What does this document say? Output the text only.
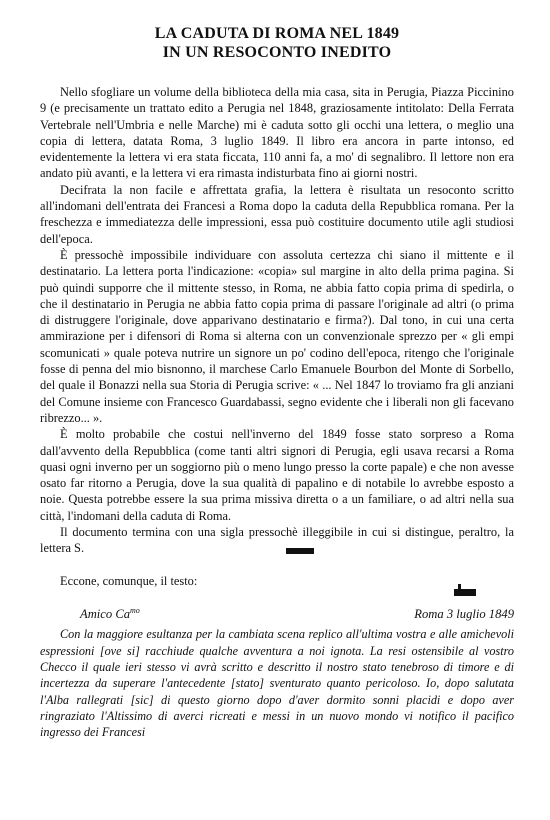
LA CADUTA DI ROMA NEL 1849
IN UN RESOCONTO INEDITO

Nello sfogliare un volume della biblioteca della mia casa, sita in Perugia, Piazza Piccinino 9 (e precisamente un trattato edito a Perugia nel 1848, graziosamente intitolato: Della Ferrata Vertebrale nell'Umbria e nelle Marche) mi è caduta sotto gli occhi una lettera, o meglio una copia di lettera, datata Roma, 3 luglio 1849. Il libro era ancora in parte intonso, ed evidentemente la lettera vi era stata ficcata, 110 anni fa, a mo' di segnalibro. Il lettore non era andato più avanti, e la lettera vi era rimasta indisturbata fino ai giorni nostri.

Decifrata la non facile e affrettata grafia, la lettera è risultata un resoconto scritto all'indomani dell'entrata dei Francesi a Roma dopo la caduta della Repubblica romana. Per la freschezza e immediatezza delle impressioni, essa può costituire documento utile agli studiosi dell'epoca.

È pressochè impossibile individuare con assoluta certezza chi siano il mittente e il destinatario. La lettera porta l'indicazione: «copia» sul margine in alto della prima pagina. Si può quindi supporre che il mittente stesso, in Roma, ne abbia fatto copia prima di spedirla, o che il destinatario in Perugia ne abbia fatto copia prima di passare l'originale ad altri (o prima di distruggere l'originale, dove apparivano destinatario e firma?). Dal tono, in cui una certa ammirazione per i difensori di Roma si alterna con un convenzionale sprezzo per « gli empi scomunicati » quale poteva nutrire un signore un po' codino dell'epoca, ritengo che l'originale fosse di penna del mio bisnonno, il marchese Carlo Emanuele Bourbon del Monte di Sorbello, del quale il Bonazzi nella sua Storia di Perugia scrive: « ... Nel 1847 lo troviamo fra gli anziani del Comune insieme con Francesco Guardabassi, segno evidente che i liberali non gli facevano ribrezzo... ».

È molto probabile che costui nell'inverno del 1849 fosse stato sorpreso a Roma dall'avvento della Repubblica (come tanti altri signori di Perugia, egli usava recarsi a Roma quasi ogni inverno per un soggiorno più o meno lungo presso la corte papale) e che non avesse osato far ritorno a Perugia, dove la sua qualità di papalino e di notabile lo avrebbe esposto a noie. Questa potrebbe essere la sua prima missiva diretta o a un familiare, o ad altri nella sua città, l'indomani della caduta di Roma.

Il documento termina con una sigla pressochè illeggibile in cui si distingue, peraltro, la lettera S.

Eccone, comunque, il testo:

Amico $Ca^{mo}$	Roma 3 luglio 1849

Con la maggiore esultanza per la cambiata scena replico all'ultima vostra e alle amichevoli espressioni [ove si] racchiude qualche avventura a noi ignota. La resi ostensibile al vostro Checco il quale ieri stesso vi avrà scritto e descritto il nostro stato tenebroso di timore e di incertezza da superare l'antecedente [stato] sventurato quanto pericoloso. Io, dopo salutata l'Alba rallegrati [sic] di questo giorno dopo d'aver dormito sonni placidi e dopo aver ringraziato l'Altissimo di averci ricreati e messi in un nuovo mondo vi notifico il pacifico ingresso dei Francesi
